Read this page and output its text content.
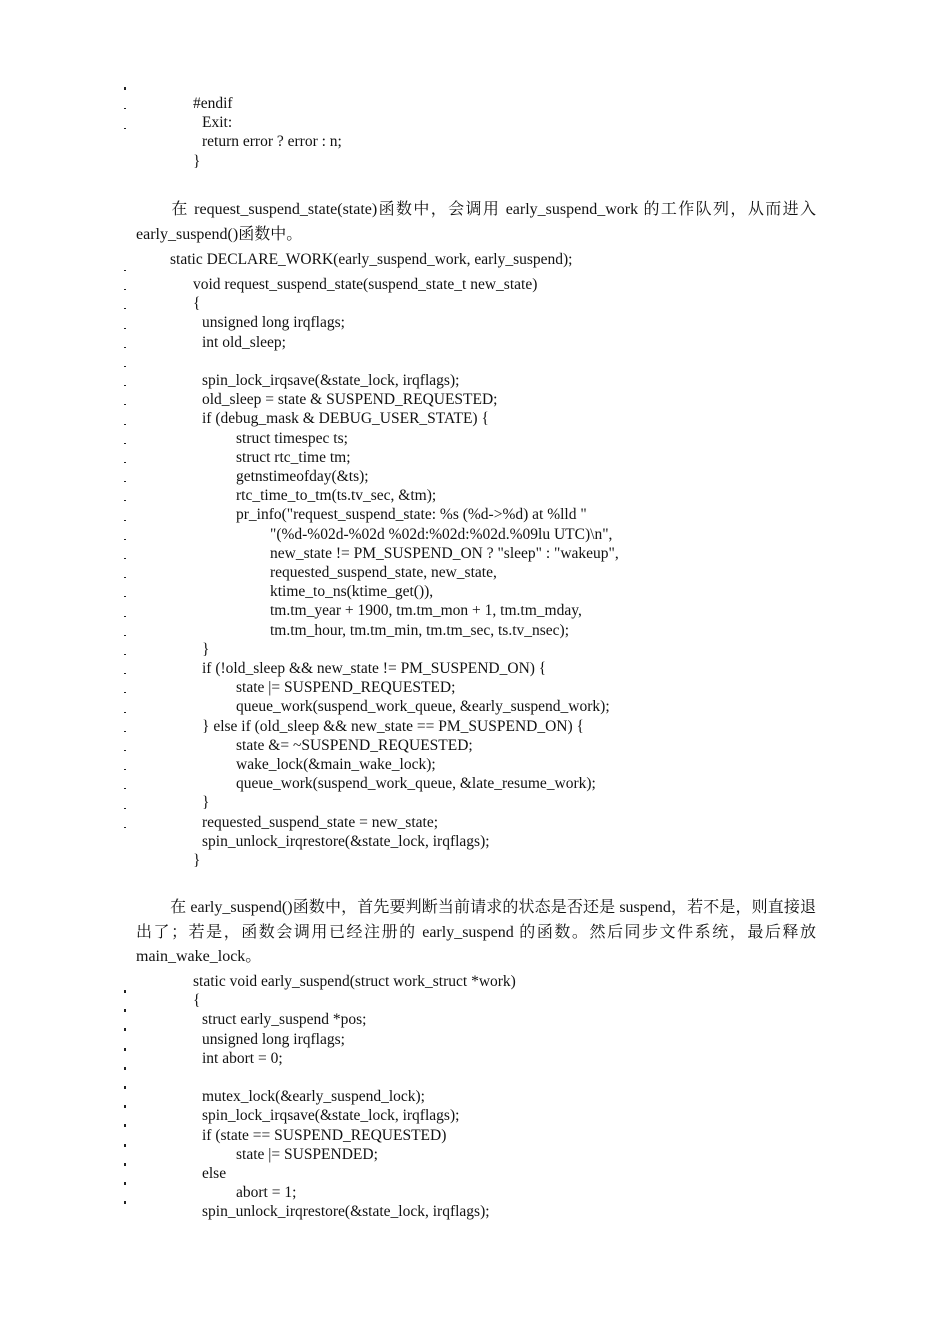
#endif
Exit:
return error ? error : n;
}
在 request_suspend_state(state)函数中，会调用 early_suspend_work 的工作队列，从而进入 early_suspend()函数中。
static DECLARE_WORK(early_suspend_work, early_suspend);
void request_suspend_state(suspend_state_t new_state)
{
unsigned long irqflags;
int old_sleep;
spin_lock_irqsave(&state_lock, irqflags);
old_sleep = state & SUSPEND_REQUESTED;
if (debug_mask & DEBUG_USER_STATE) {
struct timespec ts;
struct rtc_time tm;
getnstimeofday(&ts);
rtc_time_to_tm(ts.tv_sec, &tm);
pr_info("request_suspend_state: %s (%d->%d) at %lld "
"(%d-%02d-%02d %02d:%02d:%02d.%09lu UTC)\n",
new_state != PM_SUSPEND_ON ? "sleep" : "wakeup",
requested_suspend_state, new_state,
ktime_to_ns(ktime_get()),
tm.tm_year + 1900, tm.tm_mon + 1, tm.tm_mday,
tm.tm_hour, tm.tm_min, tm.tm_sec, ts.tv_nsec);
}
if (!old_sleep && new_state != PM_SUSPEND_ON) {
state |= SUSPEND_REQUESTED;
queue_work(suspend_work_queue, &early_suspend_work);
} else if (old_sleep && new_state == PM_SUSPEND_ON) {
state &= ~SUSPEND_REQUESTED;
wake_lock(&main_wake_lock);
queue_work(suspend_work_queue, &late_resume_work);
}
requested_suspend_state = new_state;
spin_unlock_irqrestore(&state_lock, irqflags);
}
在 early_suspend()函数中，首先要判断当前请求的状态是否还是 suspend，若不是，则直接退出了；若是，函数会调用已经注册的 early_suspend 的函数。然后同步文件系统，最后释放 main_wake_lock。
static void early_suspend(struct work_struct *work)
{
struct early_suspend *pos;
unsigned long irqflags;
int abort = 0;
mutex_lock(&early_suspend_lock);
spin_lock_irqsave(&state_lock, irqflags);
if (state == SUSPEND_REQUESTED)
state |= SUSPENDED;
else
abort = 1;
spin_unlock_irqrestore(&state_lock, irqflags);
